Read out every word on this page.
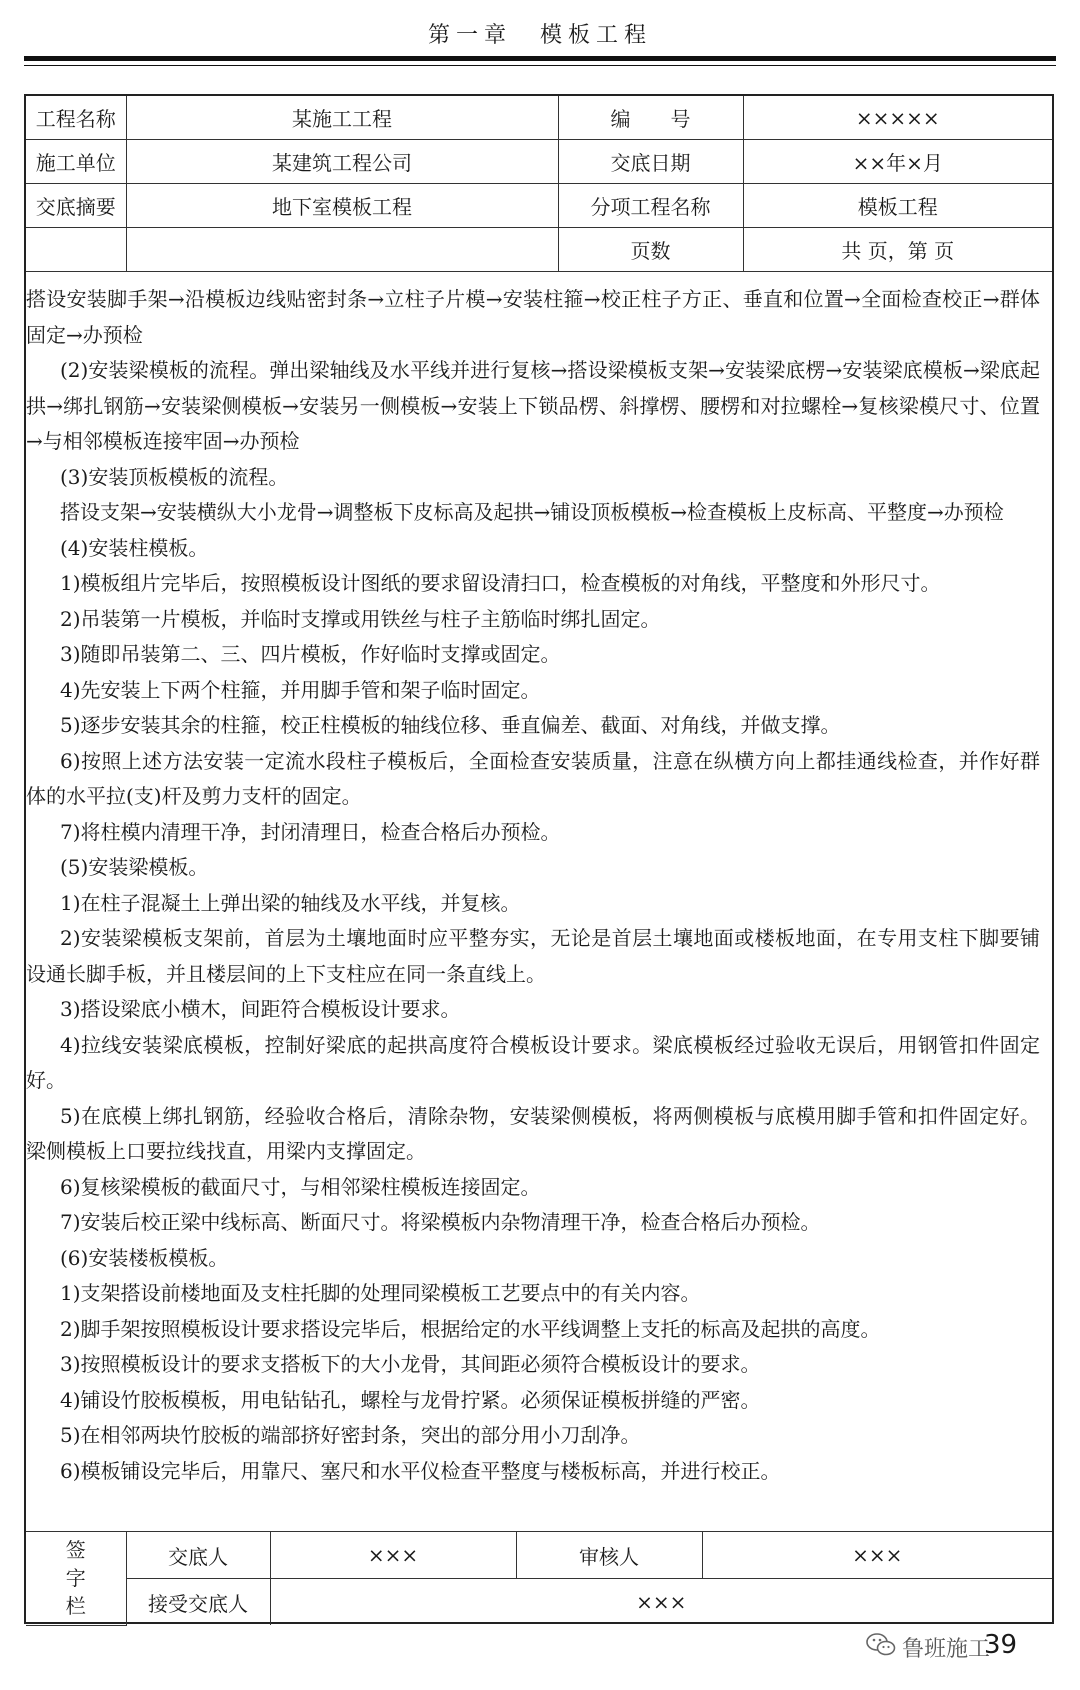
第一章　模板工程
工程名称	某施工工程	编　　号	×××××
施工单位	某建筑工程公司	交底日期	××年×月
交底摘要	地下室模板工程	分项工程名称	模板工程
		页数	共 页，第 页

搭设安装脚手架→沿模板边线贴密封条→立柱子片模→安装柱箍→校正柱子方正、垂直和位置→全面检查校正→群体固定→办预检

(2)安装梁模板的流程。弹出梁轴线及水平线并进行复核→搭设梁模板支架→安装梁底楞→安装梁底模板→梁底起拱→绑扎钢筋→安装梁侧模板→安装另一侧模板→安装上下锁品楞、斜撑楞、腰楞和对拉螺栓→复核梁模尺寸、位置→与相邻模板连接牢固→办预检

(3)安装顶板模板的流程。

搭设支架→安装横纵大小龙骨→调整板下皮标高及起拱→铺设顶板模板→检查模板上皮标高、平整度→办预检

(4)安装柱模板。

1)模板组片完毕后，按照模板设计图纸的要求留设清扫口，检查模板的对角线，平整度和外形尺寸。

2)吊装第一片模板，并临时支撑或用铁丝与柱子主筋临时绑扎固定。

3)随即吊装第二、三、四片模板，作好临时支撑或固定。

4)先安装上下两个柱箍，并用脚手管和架子临时固定。

5)逐步安装其余的柱箍，校正柱模板的轴线位移、垂直偏差、截面、对角线，并做支撑。

6)按照上述方法安装一定流水段柱子模板后，全面检查安装质量，注意在纵横方向上都挂通线检查，并作好群体的水平拉(支)杆及剪力支杆的固定。

7)将柱模内清理干净，封闭清理日，检查合格后办预检。

(5)安装梁模板。

1)在柱子混凝土上弹出梁的轴线及水平线，并复核。

2)安装梁模板支架前，首层为土壤地面时应平整夯实，无论是首层土壤地面或楼板地面，在专用支柱下脚要铺设通长脚手板，并且楼层间的上下支柱应在同一条直线上。

3)搭设梁底小横木，间距符合模板设计要求。

4)拉线安装梁底模板，控制好梁底的起拱高度符合模板设计要求。梁底模板经过验收无误后，用钢管扣件固定好。

5)在底模上绑扎钢筋，经验收合格后，清除杂物，安装梁侧模板，将两侧模板与底模用脚手管和扣件固定好。梁侧模板上口要拉线找直，用梁内支撑固定。

6)复核梁模板的截面尺寸，与相邻梁柱模板连接固定。

7)安装后校正梁中线标高、断面尺寸。将梁模板内杂物清理干净，检查合格后办预检。

(6)安装楼板模板。

1)支架搭设前楼地面及支柱托脚的处理同梁模板工艺要点中的有关内容。

2)脚手架按照模板设计要求搭设完毕后，根据给定的水平线调整上支托的标高及起拱的高度。

3)按照模板设计的要求支搭板下的大小龙骨，其间距必须符合模板设计的要求。

4)铺设竹胶板模板，用电钻钻孔，螺栓与龙骨拧紧。必须保证模板拼缝的严密。

5)在相邻两块竹胶板的端部挤好密封条，突出的部分用小刀刮净。

6)模板铺设完毕后，用靠尺、塞尺和水平仪检查平整度与楼板标高，并进行校正。

签
字
栏	交底人	×××	审核人	×××
	接受交底人	×××		
鲁班施工
39
